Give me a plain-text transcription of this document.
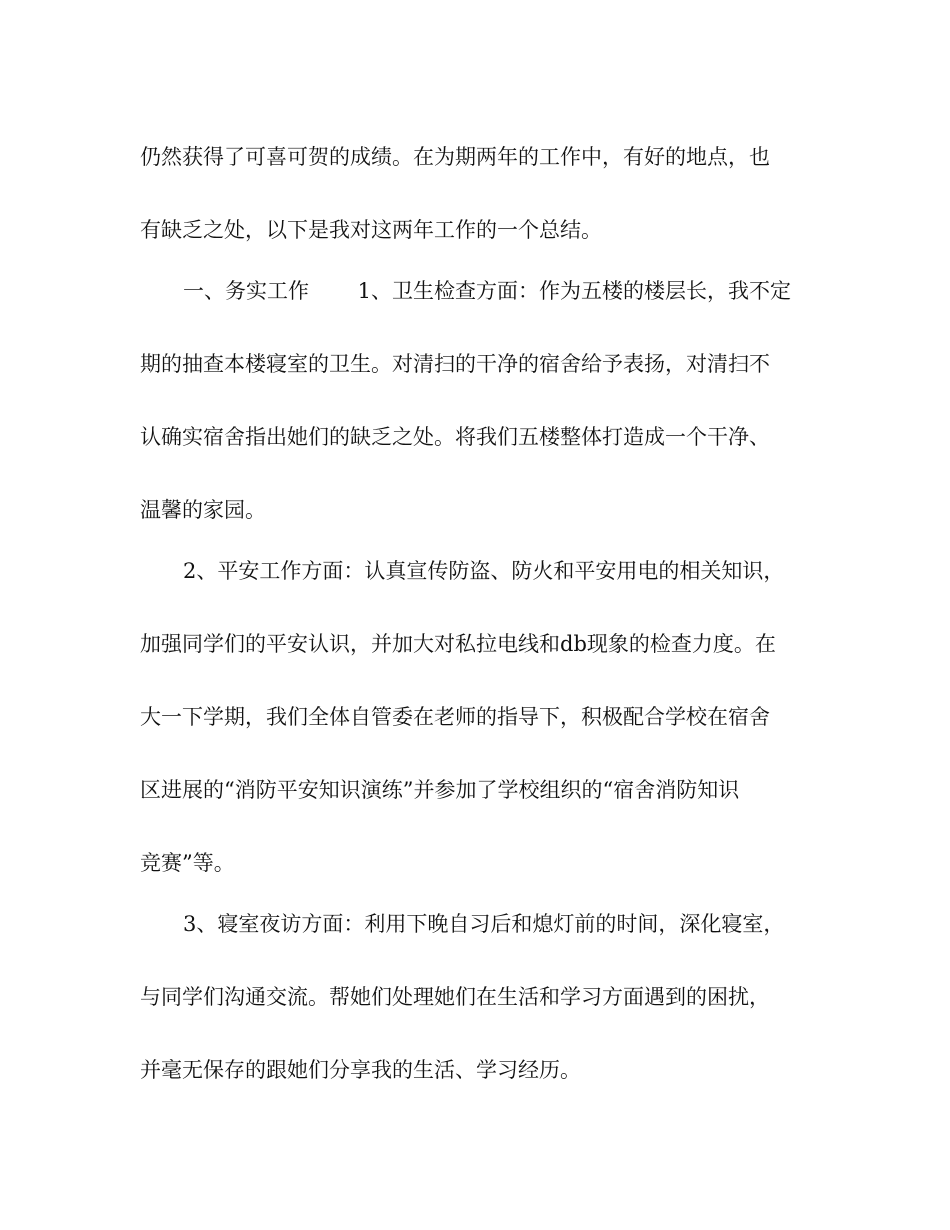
仍然获得了可喜可贺的成绩。在为期两年的工作中，有好的地点，也
有缺乏之处，以下是我对这两年工作的一个总结。
一、务实工作　　 1、卫生检查方面：作为五楼的楼层长，我不定
期的抽查本楼寝室的卫生。对清扫的干净的宿舍给予表扬，对清扫不
认确实宿舍指出她们的缺乏之处。将我们五楼整体打造成一个干净、
温馨的家园。
2、平安工作方面：认真宣传防盗、防火和平安用电的相关知识，
加强同学们的平安认识，并加大对私拉电线和db现象的检查力度。在
大一下学期，我们全体自管委在老师的指导下，积极配合学校在宿舍
区进展的“消防平安知识演练”并参加了学校组织的“宿舍消防知识
竞赛”等。
3、寝室夜访方面：利用下晚自习后和熄灯前的时间，深化寝室，
与同学们沟通交流。帮她们处理她们在生活和学习方面遇到的困扰，
并毫无保存的跟她们分享我的生活、学习经历。
